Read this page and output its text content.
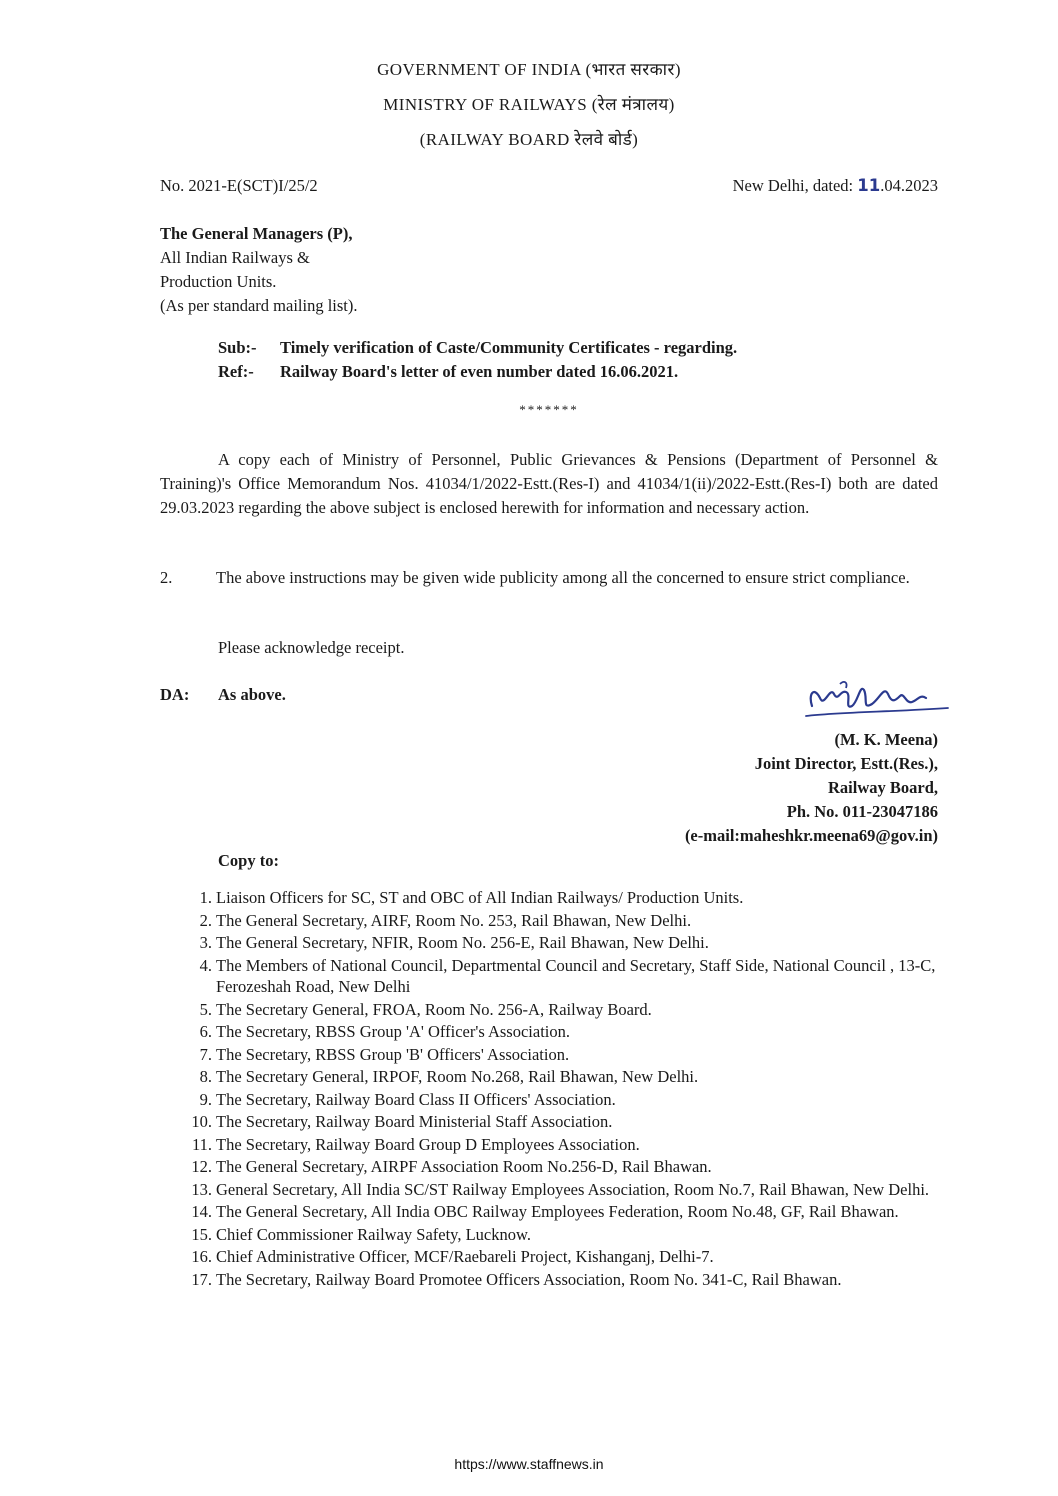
GOVERNMENT OF INDIA (भारत सरकार)
MINISTRY OF RAILWAYS (रेल मंत्रालय)
(RAILWAY BOARD रेलवे बोर्ड)
No. 2021-E(SCT)I/25/2	New Delhi, dated: 11.04.2023
The General Managers (P),
All Indian Railways &
Production Units.
(As per standard mailing list).
Sub:- Timely verification of Caste/Community Certificates - regarding.
Ref:- Railway Board's letter of even number dated 16.06.2021.
*******
A copy each of Ministry of Personnel, Public Grievances & Pensions (Department of Personnel & Training)'s Office Memorandum Nos. 41034/1/2022-Estt.(Res-I) and 41034/1(ii)/2022-Estt.(Res-I) both are dated 29.03.2023 regarding the above subject is enclosed herewith for information and necessary action.
2.	The above instructions may be given wide publicity among all the concerned to ensure strict compliance.
Please acknowledge receipt.
DA: As above.
(M. K. Meena)
Joint Director, Estt.(Res.),
Railway Board,
Ph. No. 011-23047186
(e-mail:maheshkr.meena69@gov.in)
Copy to:
1. Liaison Officers for SC, ST and OBC of All Indian Railways/ Production Units.
2. The General Secretary, AIRF, Room No. 253, Rail Bhawan, New Delhi.
3. The General Secretary, NFIR, Room No. 256-E, Rail Bhawan, New Delhi.
4. The Members of National Council, Departmental Council and Secretary, Staff Side, National Council , 13-C, Ferozeshah Road, New Delhi
5. The Secretary General, FROA, Room No. 256-A, Railway Board.
6. The Secretary, RBSS Group 'A' Officer's Association.
7. The Secretary, RBSS Group 'B' Officers' Association.
8. The Secretary General, IRPOF, Room No.268, Rail Bhawan, New Delhi.
9. The Secretary, Railway Board Class II Officers' Association.
10. The Secretary, Railway Board Ministerial Staff Association.
11. The Secretary, Railway Board Group D Employees Association.
12. The General Secretary, AIRPF Association Room No.256-D, Rail Bhawan.
13. General Secretary, All India SC/ST Railway Employees Association, Room No.7, Rail Bhawan, New Delhi.
14. The General Secretary, All India OBC Railway Employees Federation, Room No.48, GF, Rail Bhawan.
15. Chief Commissioner Railway Safety, Lucknow.
16. Chief Administrative Officer, MCF/Raebareli Project, Kishanganj, Delhi-7.
17. The Secretary, Railway Board Promotee Officers Association, Room No. 341-C, Rail Bhawan.
https://www.staffnews.in
